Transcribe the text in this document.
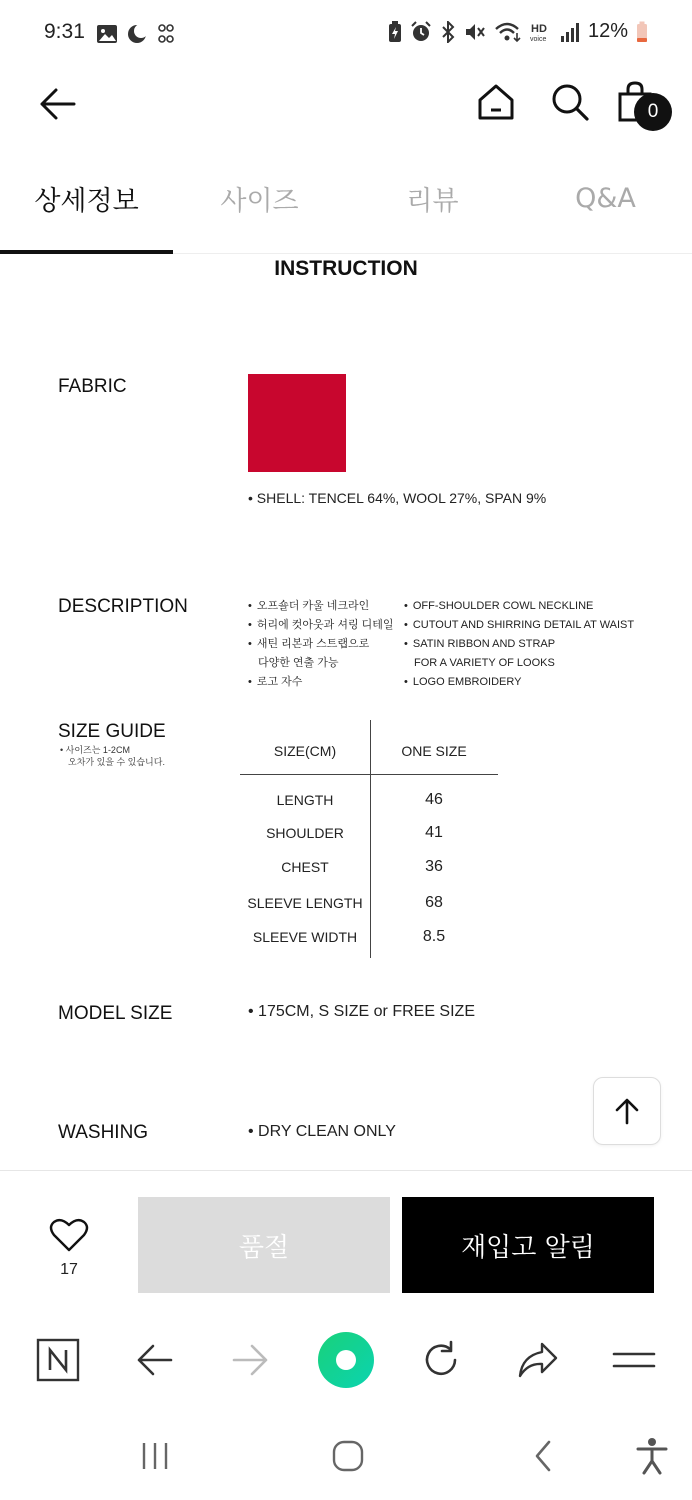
9:31	HD
voice 12%
0
상세정보	사이즈	리뷰	Q&A
INSTRUCTION
FABRIC
• SHELL: TENCEL 64%, WOOL 27%, SPAN 9%
DESCRIPTION	• 오프숄더 카울 네크라인
• 허리에 컷아웃과 셔링 디테일
• 새틴 리본과 스트랩으로
다양한 연출 가능
• 로고 자수
• OFF-SHOULDER COWL NECKLINE
• CUTOUT AND SHIRRING DETAIL AT WAIST
• SATIN RIBBON AND STRAP
FOR A VARIETY OF LOOKS
• LOGO EMBROIDERY
SIZE GUIDE
• 사이즈는 1-2CM
오차가 있을 수 있습니다.
SIZE(CM)	ONE SIZE
LENGTH	46
SHOULDER	41
CHEST	36
SLEEVE LENGTH	68
SLEEVE WIDTH	8.5
MODEL SIZE	• 175CM, S SIZE or FREE SIZE
WASHING	• DRY CLEAN ONLY
17
품절	재입고 알림
